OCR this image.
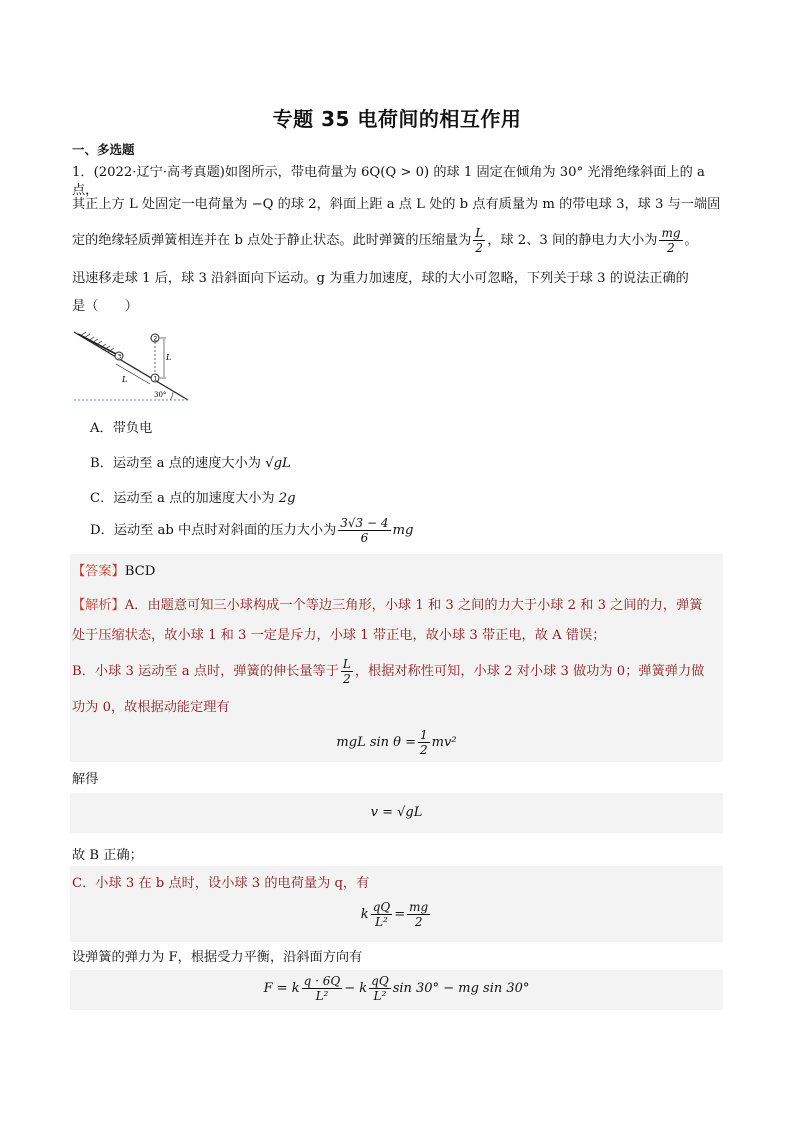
专题 35 电荷间的相互作用
一、多选题
1．(2022·辽宁·高考真题)如图所示，带电荷量为 6Q(Q > 0) 的球 1 固定在倾角为 30° 光滑绝缘斜面上的 a 点，
其正上方 L 处固定一电荷量为 −Q 的球 2，斜面上距 a 点 L 处的 b 点有质量为 m 的带电球 3，球 3 与一端固
定的绝缘轻质弹簧相连并在 b 点处于静止状态。此时弹簧的压缩量为 $\frac{L}{2}$ ，球 2、3 间的静电力大小为 $\frac{mg}{2}$ 。
迅速移走球 1 后，球 3 沿斜面向下运动。g 为重力加速度，球的大小可忽略，下列关于球 3 的说法正确的
是（　　）
3
2
1
L
L
30°
A．带负电
B．运动至 a 点的速度大小为 √gL
C．运动至 a 点的加速度大小为 2g
D．运动至 ab 中点时对斜面的压力大小为 $\frac{3√3 - 4}{6}$ mg
【答案】BCD
【解析】A．由题意可知三小球构成一个等边三角形，小球 1 和 3 之间的力大于小球 2 和 3 之间的力，弹簧
处于压缩状态，故小球 1 和 3 一定是斥力，小球 1 带正电，故小球 3 带正电，故 A 错误；
B．小球 3 运动至 a 点时，弹簧的伸长量等于 $\frac{L}{2}$ ，根据对称性可知，小球 2 对小球 3 做功为 0；弹簧弹力做
功为 0，故根据动能定理有
mgL $\sin \theta = \frac{1}{2} mv^2$
解得
v = √gL
故 B 正确；
C．小球 3 在 b 点时，设小球 3 的电荷量为 q，有
k $\frac{qQ}{\text{L²}} = \frac{mg}{2}$
设弹簧的弹力为 F，根据受力平衡，沿斜面方向有
F = k $\frac{q \cdot 6Q}{\text{L²}} - k \frac{qQ}{\text{L²}}$ sin 30° − mg sin 30°
